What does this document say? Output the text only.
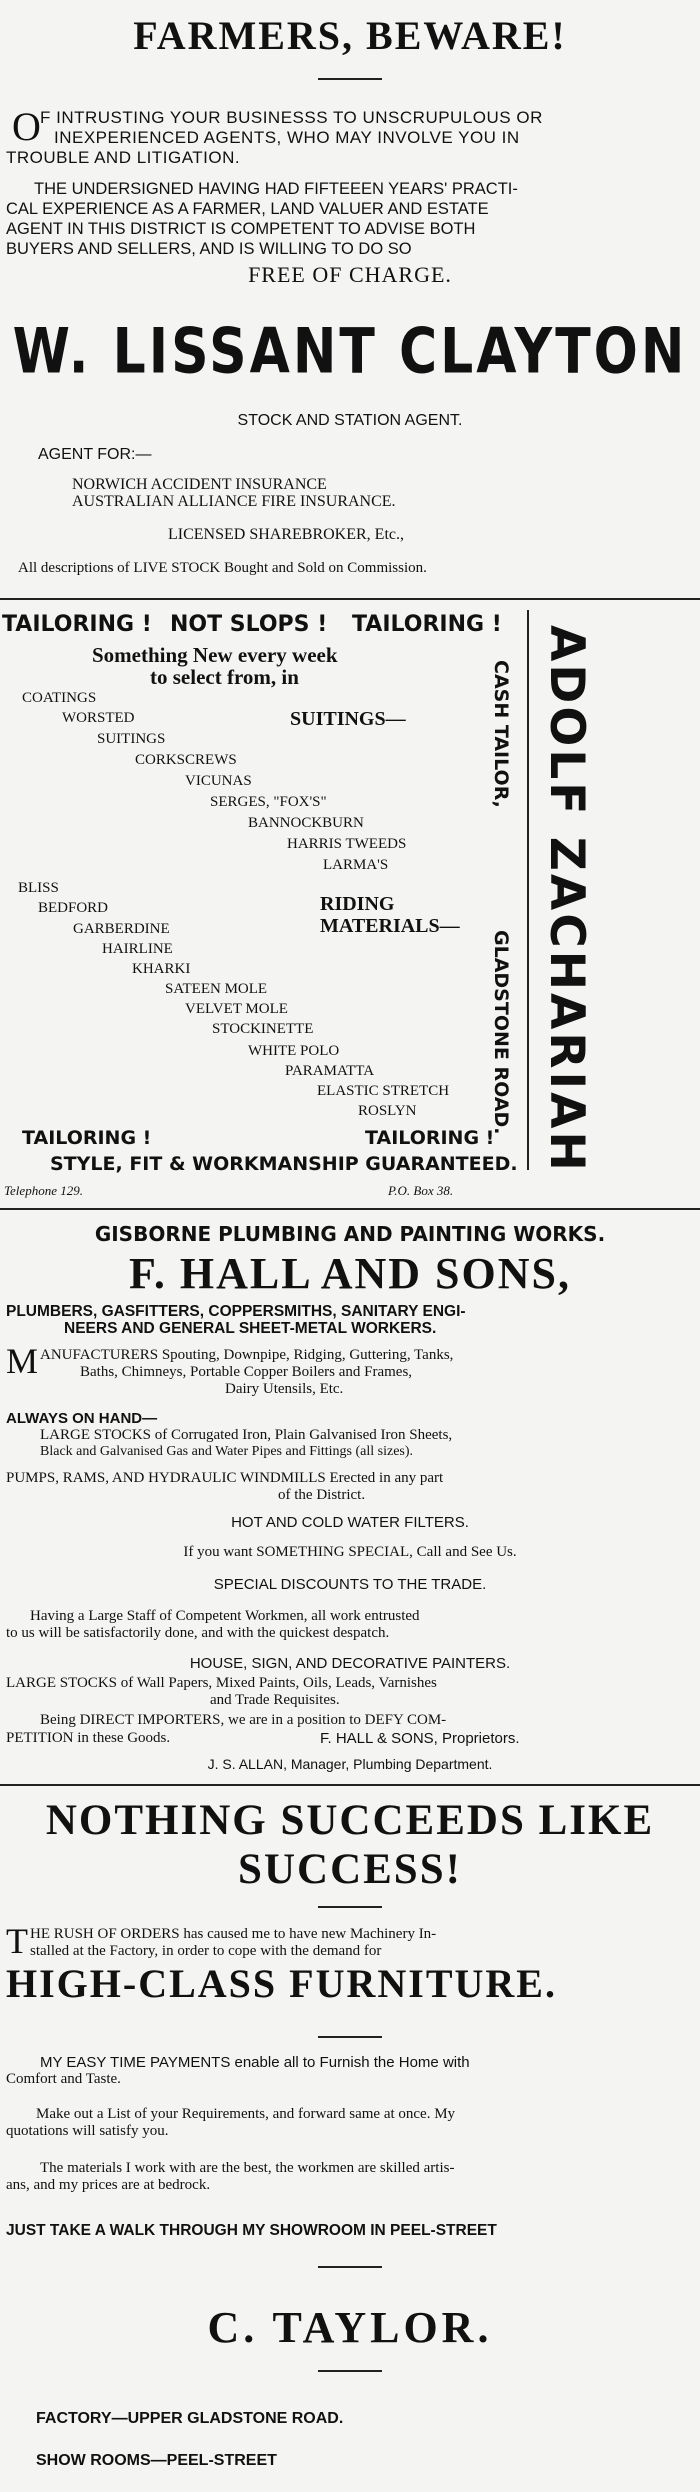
FARMERS, BEWARE!
O F INTRUSTING YOUR BUSINESSS TO UNSCRUPULOUS OR
INEXPERIENCED AGENTS, WHO MAY INVOLVE YOU IN
TROUBLE AND LITIGATION.
THE UNDERSIGNED HAVING HAD FIFTEEEN YEARS' PRACTI-
CAL EXPERIENCE AS A FARMER, LAND VALUER AND ESTATE
AGENT IN THIS DISTRICT IS COMPETENT TO ADVISE BOTH
BUYERS AND SELLERS, AND IS WILLING TO DO SO
FREE OF CHARGE.
W. LISSANT CLAYTON
STOCK AND STATION AGENT.
AGENT FOR:—
NORWICH ACCIDENT INSURANCE
AUSTRALIAN ALLIANCE FIRE INSURANCE.
LICENSED SHAREBROKER, Etc.,
All descriptions of LIVE STOCK Bought and Sold on Commission.
TAILORING ! NOT SLOPS ! TAILORING !
Something New every week
to select from, in
COATINGS
WORSTED	SUITINGS—
SUITINGS
CORKSCREWS
VICUNAS
SERGES, "FOX'S"
BANNOCKBURN
HARRIS TWEEDS
LARMA'S
BLISS
BEDFORD	RIDING
MATERIALS—
GARBERDINE
HAIRLINE
KHARKI
SATEEN MOLE
VELVET MOLE
STOCKINETTE
WHITE POLO
PARAMATTA
ELASTIC STRETCH
ROSLYN
TAILORING !	TAILORING !
STYLE, FIT & WORKMANSHIP GUARANTEED.
Telephone 129.	P.O. Box 38.
CASH TAILOR,
GLADSTONE ROAD. ADOLF ZACHARIAH
GISBORNE PLUMBING AND PAINTING WORKS.
F. HALL AND SONS,
PLUMBERS, GASFITTERS, COPPERSMITHS, SANITARY ENGI-
NEERS AND GENERAL SHEET-METAL WORKERS.
M ANUFACTURERS Spouting, Downpipe, Ridging, Guttering, Tanks,
Baths, Chimneys, Portable Copper Boilers and Frames,
Dairy Utensils, Etc.
ALWAYS ON HAND—
LARGE STOCKS of Corrugated Iron, Plain Galvanised Iron Sheets,
Black and Galvanised Gas and Water Pipes and Fittings (all sizes).
PUMPS, RAMS, AND HYDRAULIC WINDMILLS Erected in any part
of the District.
HOT AND COLD WATER FILTERS.
If you want SOMETHING SPECIAL, Call and See Us.
SPECIAL DISCOUNTS TO THE TRADE.
Having a Large Staff of Competent Workmen, all work entrusted
to us will be satisfactorily done, and with the quickest despatch.
HOUSE, SIGN, AND DECORATIVE PAINTERS.
LARGE STOCKS of Wall Papers, Mixed Paints, Oils, Leads, Varnishes
and Trade Requisites.
Being DIRECT IMPORTERS, we are in a position to DEFY COM-
PETITION in these Goods.	F. HALL & SONS, Proprietors.
J. S. ALLAN, Manager, Plumbing Department.
NOTHING SUCCEEDS LIKE
SUCCESS!
T HE RUSH OF ORDERS has caused me to have new Machinery In-
stalled at the Factory, in order to cope with the demand for
HIGH-CLASS FURNITURE.
MY EASY TIME PAYMENTS enable all to Furnish the Home with
Comfort and Taste.
Make out a List of your Requirements, and forward same at once. My
quotations will satisfy you.
The materials I work with are the best, the workmen are skilled artis-
ans, and my prices are at bedrock.
JUST TAKE A WALK THROUGH MY SHOWROOM IN PEEL-STREET
C. TAYLOR.
FACTORY—UPPER GLADSTONE ROAD.
SHOW ROOMS—PEEL-STREET
